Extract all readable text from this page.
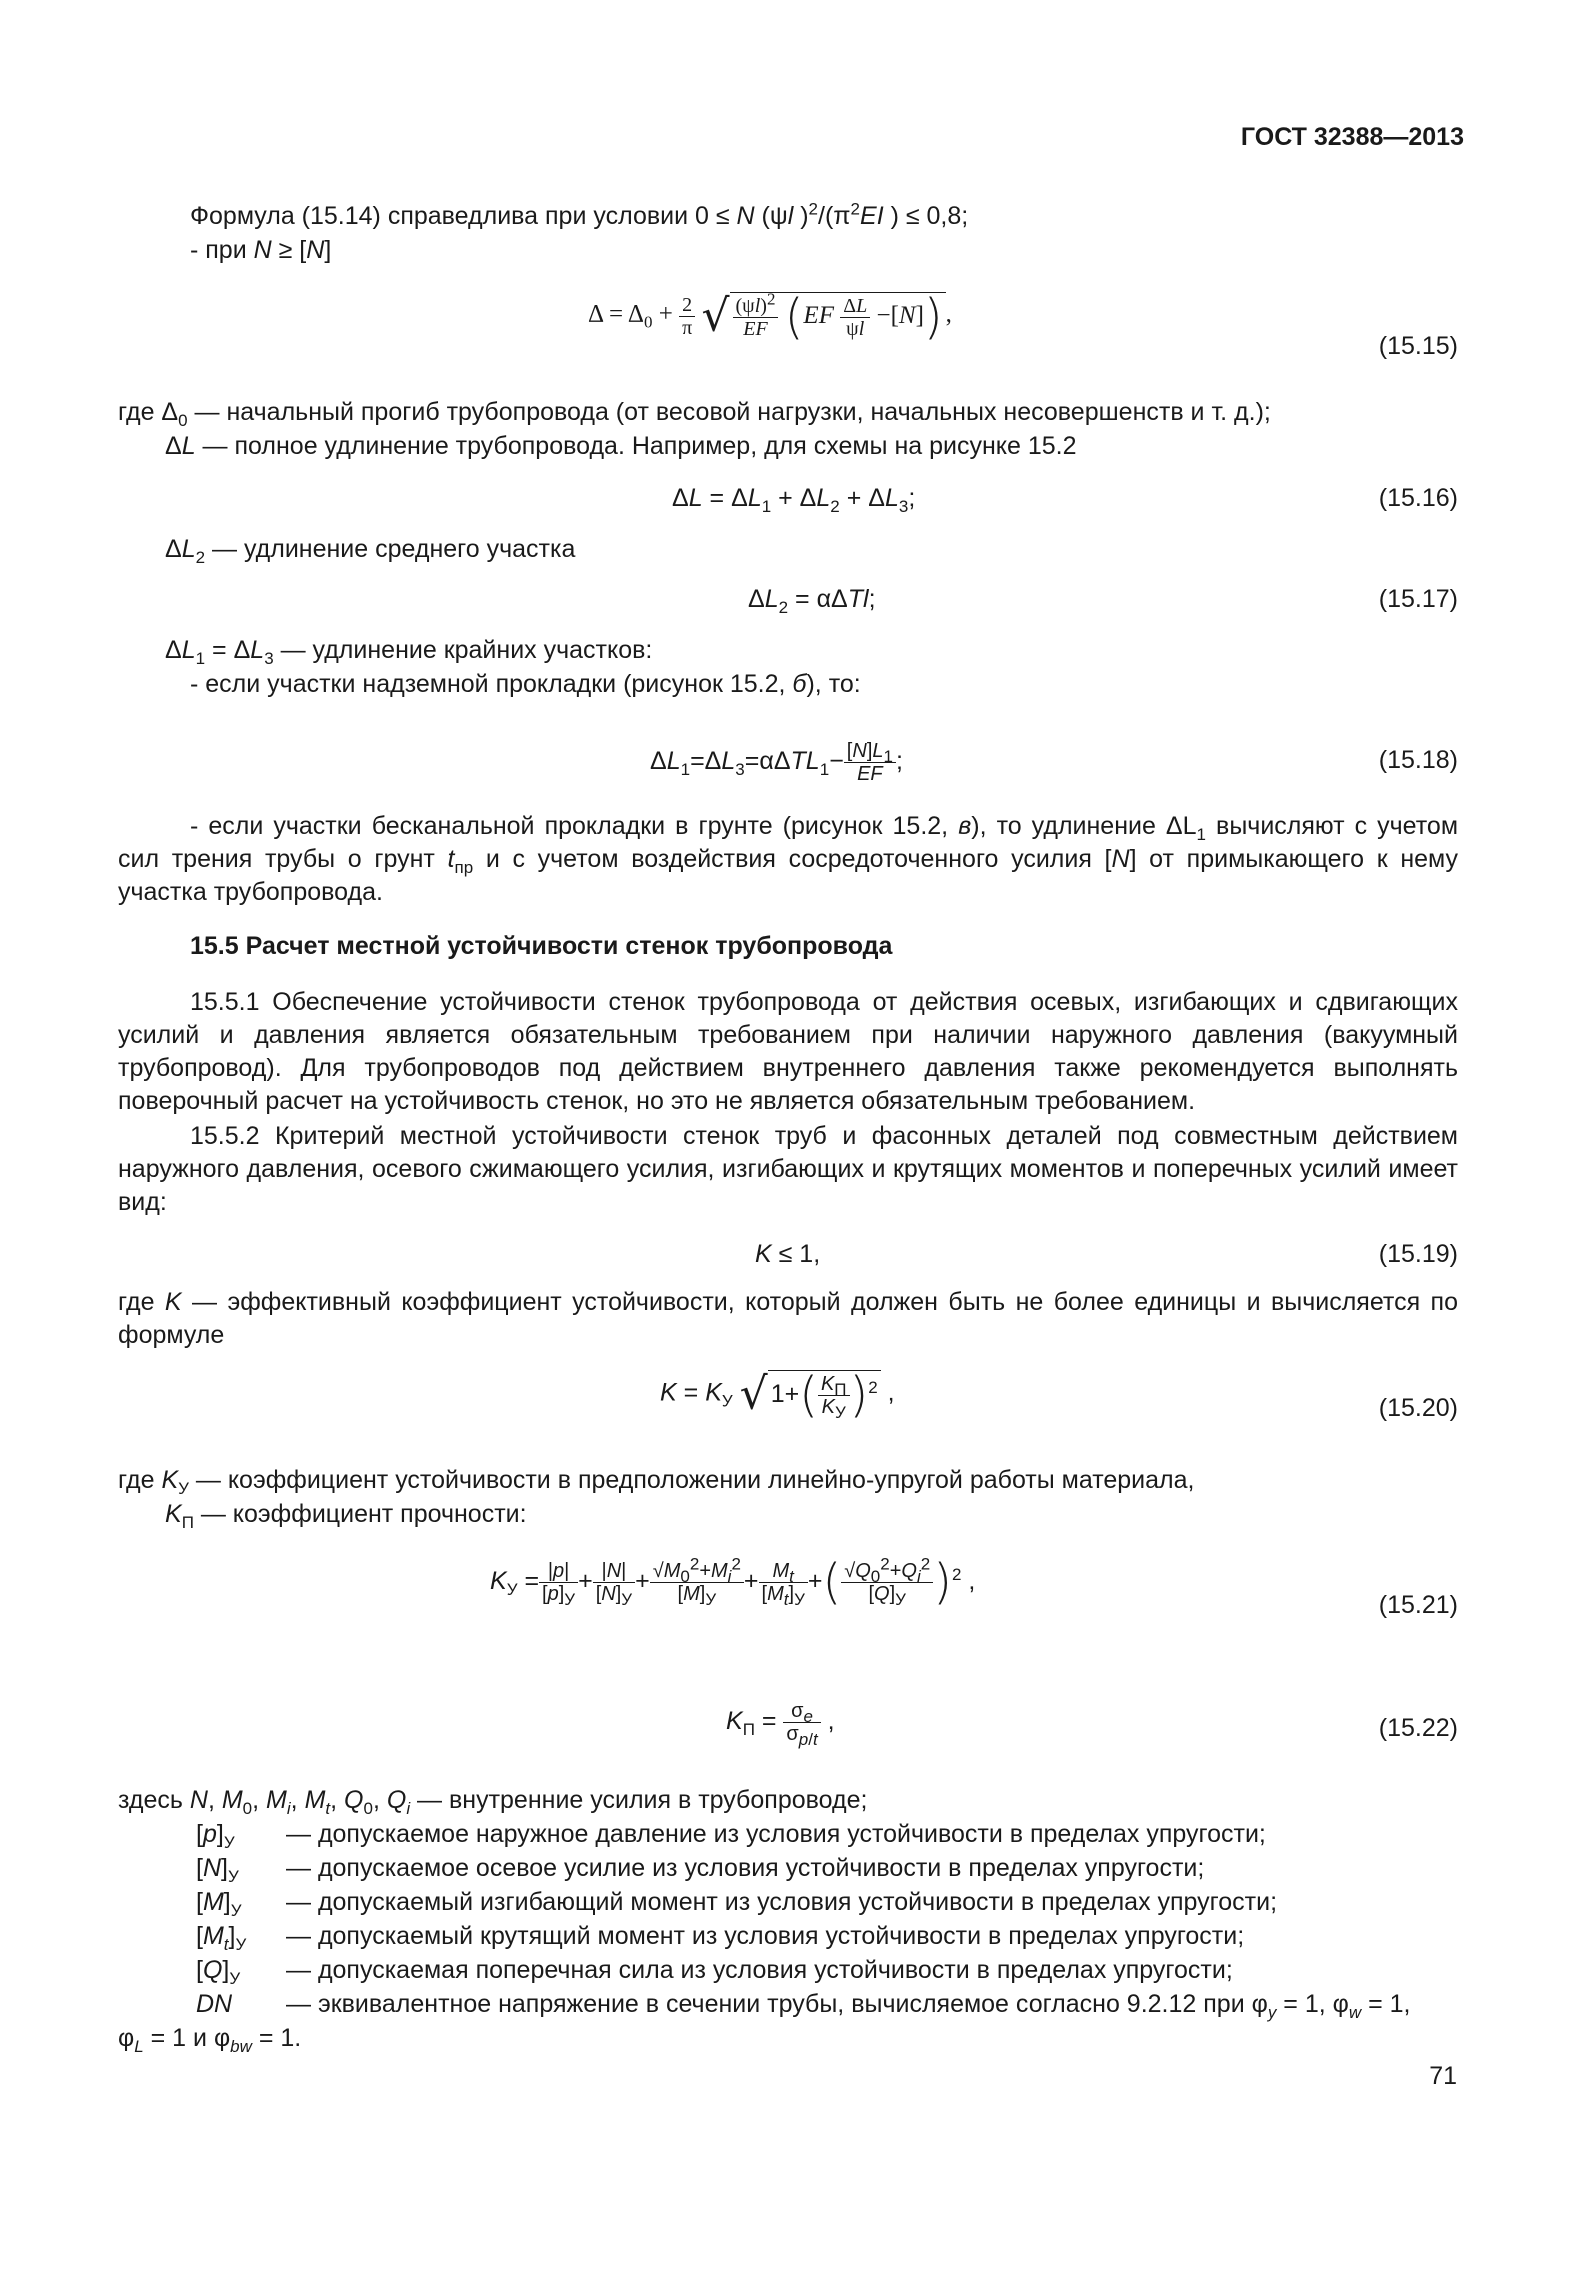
ГОСТ 32388—2013
Формула (15.14) справедлива при условии 0 ≤ N (ψl )$^2/(\pi^2EI$ ) ≤ 0,8;
- при N ≥ [N]
$\Delta = \Delta_0 + \frac{2}{\pi}$ √ $\frac{(\psi l)^2}{EF} (EF \frac{\Delta L}{\psi l} -[N])$ ,
(15.15)
где $\Delta_0$ — начальный прогиб трубопровода (от весовой нагрузки, начальных несовершенств и т. д.);
ΔL — полное удлинение трубопровода. Например, для схемы на рисунке 15.2
$\Delta L = \Delta L_1 + \Delta L_2 + \Delta L_3$;	(15.16)
$\Delta L_2$ — удлинение среднего участка
$\Delta L_2 = \alpha\Delta Tl$;	(15.17)
$\Delta L_1 = \Delta L_3$ — удлинение крайних участков:
- если участки надземной прокладки (рисунок 15.2, б), то:
$\Delta L_1=\Delta L_3=\alpha\Delta TL_1- \frac{[N]L_1}{EF}$ ;	(15.18)
- если участки бесканальной прокладки в грунте (рисунок 15.2, в), то удлинение $\Delta L_1$ вычисляют с учетом сил трения трубы о грунт $t_{пр}$ и с учетом воздействия сосредоточенного усилия [N] от примыкающего к нему участка трубопровода.
15.5 Расчет местной устойчивости стенок трубопровода
15.5.1 Обеспечение устойчивости стенок трубопровода от действия осевых, изгибающих и сдвигающих усилий и давления является обязательным требованием при наличии наружного давления (вакуумный трубопровод). Для трубопроводов под действием внутреннего давления также рекомендуется выполнять поверочный расчет на устойчивость стенок, но это не является обязательным требованием.
15.5.2 Критерий местной устойчивости стенок труб и фасонных деталей под совместным действием наружного давления, осевого сжимающего усилия, изгибающих и крутящих моментов и поперечных усилий имеет вид:
K ≤ 1,	(15.19)
где K — эффективный коэффициент устойчивости, который должен быть не более единицы и вычисляется по формуле
$K = K_У$ √ $1+( \frac{K_П}{K_У} )^2$ ,
(15.20)
где $K_У$ — коэффициент устойчивости в предположении линейно-упругой работы материала,
$K_П$ — коэффициент прочности:
$K_У = \frac{|p|}{[p]_У} + \frac{|N|}{[N]_У} + \frac{√M_0^2+M_i^2}{[M]_У} + \frac{M_t}{[M_t]_У}$ +( $\frac{√Q_0^2+Q_i^2}{[Q]_У} )^2$ ,
(15.21)
$K_П = \frac{\sigma_e}{\sigma_{p/t}}$ ,	(15.22)
здесь N, $M_0$, $M_i$, $M_t$, $Q_0$, $Q_i$ — внутренние усилия в трубопроводе;
$[p]_У$ — допускаемое наружное давление из условия устойчивости в пределах упругости;
$[N]_У$ — допускаемое осевое усилие из условия устойчивости в пределах упругости;
$[M]_У$ — допускаемый изгибающий момент из условия устойчивости в пределах упругости;
$[M_t]_У$ — допускаемый крутящий момент из условия устойчивости в пределах упругости;
$[Q]_У$ — допускаемая поперечная сила из условия устойчивости в пределах упругости;
DN — эквивалентное напряжение в сечении трубы, вычисляемое согласно 9.2.12 при $\varphi_y = 1$, $\varphi_w = 1$,
$\varphi_L = 1$ и $\varphi_{bw} = 1$.
71
